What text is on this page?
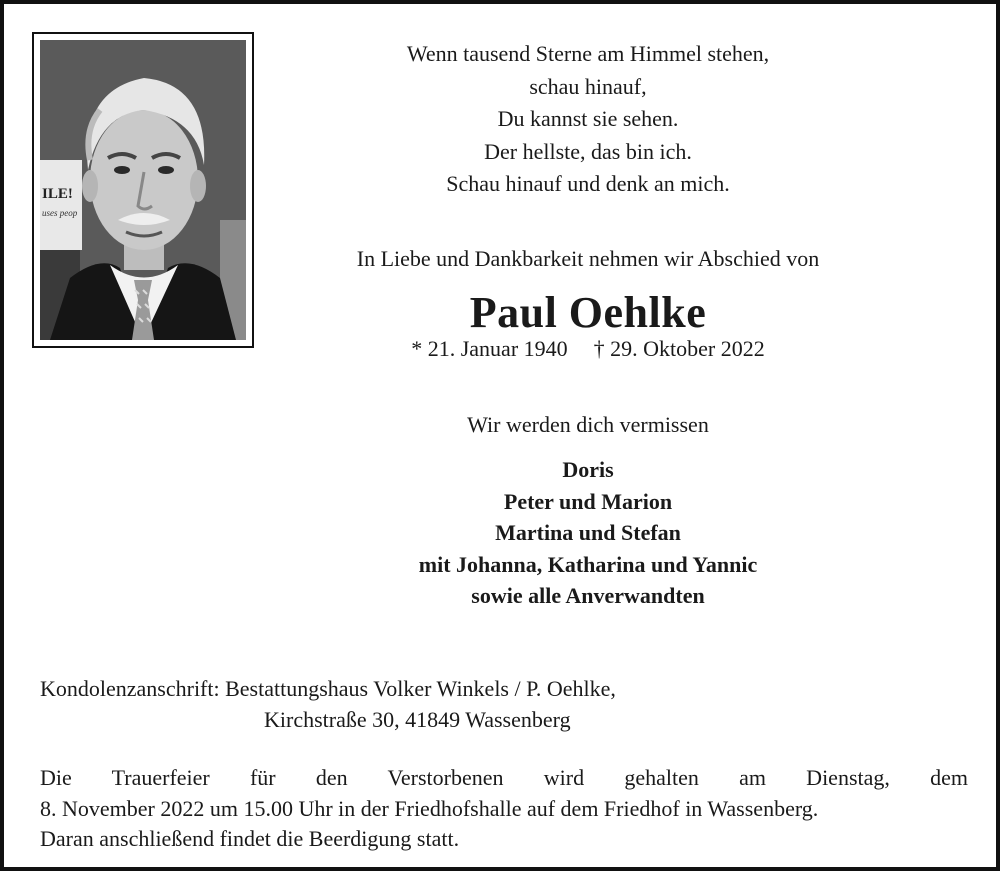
ILE!
uses peop
Wenn tausend Sterne am Himmel stehen,
schau hinauf,
Du kannst sie sehen.
Der hellste, das bin ich.
Schau hinauf und denk an mich.
In Liebe und Dankbarkeit nehmen wir Abschied von
Paul Oehlke
* 21. Januar 1940 † 29. Oktober 2022
Wir werden dich vermissen
Doris
Peter und Marion
Martina und Stefan
mit Johanna, Katharina und Yannic
sowie alle Anverwandten
Kondolenzanschrift: Bestattungshaus Volker Winkels / P. Oehlke,
Kirchstraße 30, 41849 Wassenberg
Die Trauerfeier für den Verstorbenen wird gehalten am Dienstag, dem
8. November 2022 um 15.00 Uhr in der Friedhofshalle auf dem Friedhof in Wassenberg.
Daran anschließend findet die Beerdigung statt.
